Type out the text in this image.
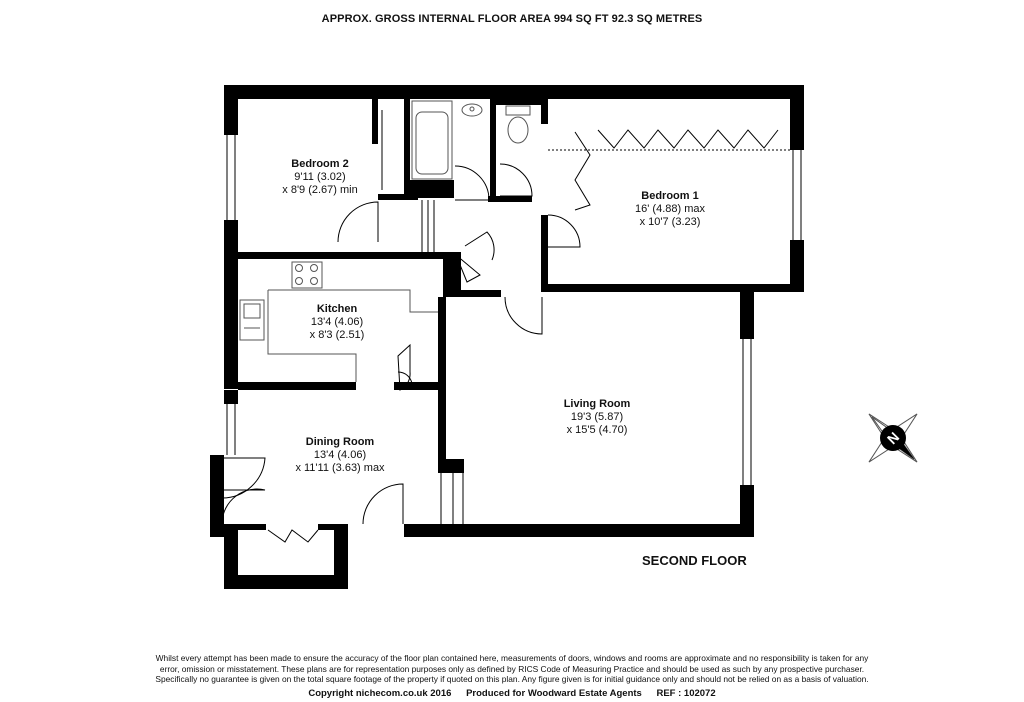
APPROX. GROSS INTERNAL FLOOR AREA 994 SQ FT 92.3 SQ METRES
N
Bedroom 2
9'11 (3.02)
x 8'9 (2.67) min	Bedroom 1
16' (4.88) max
x 10'7 (3.23)
Kitchen
13'4 (4.06)
x 8'3 (2.51)
Living Room
19'3 (5.87)
x 15'5 (4.70)
Dining Room
13'4 (4.06)
x 11'11 (3.63) max
SECOND FLOOR
Whilst every attempt has been made to ensure the accuracy of the floor plan contained here, measurements of doors, windows and rooms are approximate and no responsibility is taken for any
error, omission or misstatement. These plans are for representation purposes only as defined by RICS Code of Measuring Practice and should be used as such by any prospective purchaser.
Specifically no guarantee is given on the total square footage of the property if quoted on this plan. Any figure given is for initial guidance only and should not be relied on as a basis of valuation.
Copyright nichecom.co.uk 2016 Produced for Woodward Estate Agents REF : 102072
